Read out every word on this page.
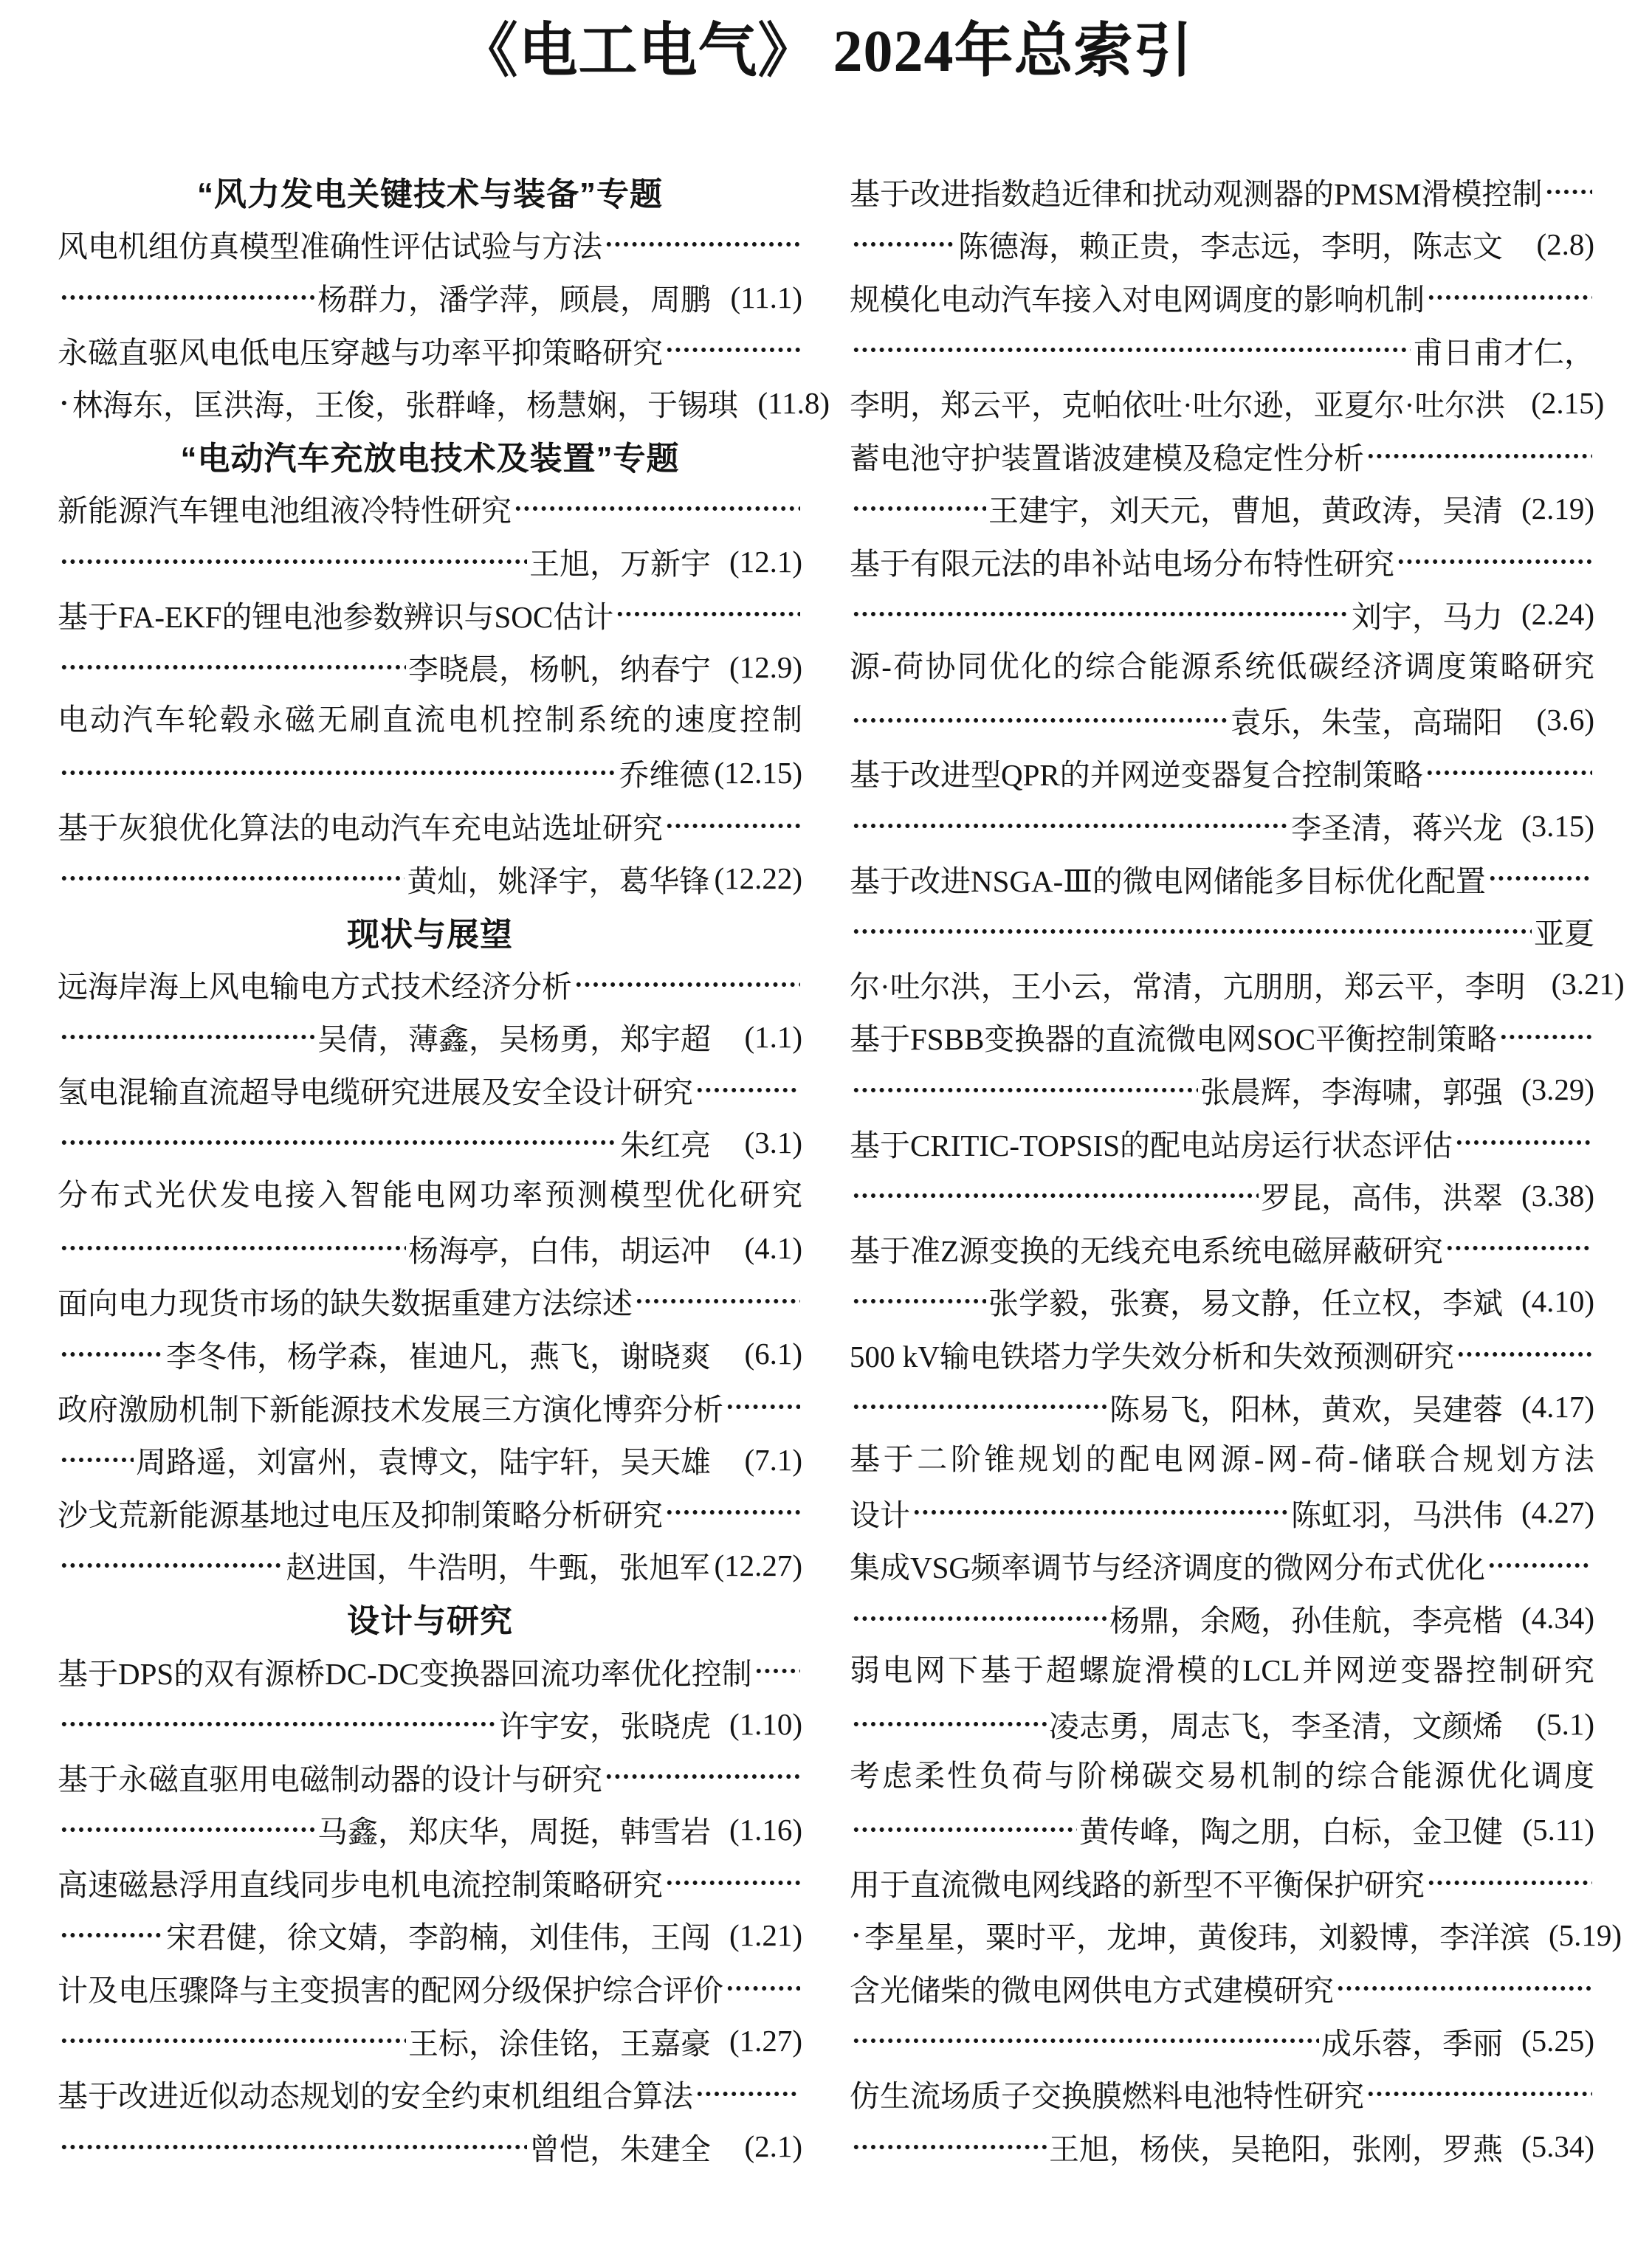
《电工电气》 2024年总索引
“风力发电关键技术与装备”专题
风电机组仿真模型准确性评估试验与方法
杨群力，潘学萍，顾晨，周鹏 (11.1)
永磁直驱风电低电压穿越与功率平抑策略研究
林海东，匡洪海，王俊，张群峰，杨慧娴，于锡琪 (11.8)
“电动汽车充放电技术及装置”专题
新能源汽车锂电池组液冷特性研究
王旭，万新宇 (12.1)
基于FA-EKF的锂电池参数辨识与SOC估计
李晓晨，杨帆，纳春宁 (12.9)
电动汽车轮毂永磁无刷直流电机控制系统的速度控制
乔维德 (12.15)
基于灰狼优化算法的电动汽车充电站选址研究
黄灿，姚泽宇，葛华锋 (12.22)
现状与展望
远海岸海上风电输电方式技术经济分析
吴倩，薄鑫，吴杨勇，郑宇超	(1.1)
氢电混输直流超导电缆研究进展及安全设计研究
朱红亮	(3.1)
分布式光伏发电接入智能电网功率预测模型优化研究
杨海亭，白伟，胡运冲	(4.1)
面向电力现货市场的缺失数据重建方法综述
李冬伟，杨学森，崔迪凡，燕飞，谢晓爽	(6.1)
政府激励机制下新能源技术发展三方演化博弈分析
周路遥，刘富州，袁博文，陆宇轩，吴天雄	(7.1)
沙戈荒新能源基地过电压及抑制策略分析研究
赵进国，牛浩明，牛甄，张旭军 (12.27)
设计与研究
基于DPS的双有源桥DC-DC变换器回流功率优化控制
许宇安，张晓虎 (1.10)
基于永磁直驱用电磁制动器的设计与研究
马鑫，郑庆华，周挺，韩雪岩 (1.16)
高速磁悬浮用直线同步电机电流控制策略研究
宋君健，徐文婧，李韵楠，刘佳伟，王闯 (1.21)
计及电压骤降与主变损害的配网分级保护综合评价
王标，涂佳铭，王嘉豪 (1.27)
基于改进近似动态规划的安全约束机组组合算法
曾恺，朱建全	(2.1)
基于改进指数趋近律和扰动观测器的PMSM滑模控制
陈德海，赖正贵，李志远，李明，陈志文	(2.8)
规模化电动汽车接入对电网调度的影响机制
甫日甫才仁，
李明，郑云平，克帕依吐·吐尔逊，亚夏尔·吐尔洪 (2.15)
蓄电池守护装置谐波建模及稳定性分析
王建宇，刘天元，曹旭，黄政涛，吴清 (2.19)
基于有限元法的串补站电场分布特性研究
刘宇，马力 (2.24)
源-荷协同优化的综合能源系统低碳经济调度策略研究
袁乐，朱莹，高瑞阳	(3.6)
基于改进型QPR的并网逆变器复合控制策略
李圣清，蒋兴龙 (3.15)
基于改进NSGA-Ⅲ的微电网储能多目标优化配置
亚夏
尔·吐尔洪，王小云，常清，亢朋朋，郑云平，李明 (3.21)
基于FSBB变换器的直流微电网SOC平衡控制策略
张晨辉，李海啸，郭强 (3.29)
基于CRITIC-TOPSIS的配电站房运行状态评估
罗昆，高伟，洪翠 (3.38)
基于准Z源变换的无线充电系统电磁屏蔽研究
张学毅，张赛，易文静，任立权，李斌 (4.10)
500 kV输电铁塔力学失效分析和失效预测研究
陈易飞，阳林，黄欢，吴建蓉 (4.17)
基于二阶锥规划的配电网源-网-荷-储联合规划方法
设计	陈虹羽，马洪伟 (4.27)
集成VSG频率调节与经济调度的微网分布式优化
杨鼎，余飏，孙佳航，李亮楷 (4.34)
弱电网下基于超螺旋滑模的LCL并网逆变器控制研究
凌志勇，周志飞，李圣清，文颜烯	(5.1)
考虑柔性负荷与阶梯碳交易机制的综合能源优化调度
黄传峰，陶之朋，白标，金卫健 (5.11)
用于直流微电网线路的新型不平衡保护研究
李星星，粟时平，龙坤，黄俊玮，刘毅博，李洋滨 (5.19)
含光储柴的微电网供电方式建模研究
成乐蓉，季丽 (5.25)
仿生流场质子交换膜燃料电池特性研究
王旭，杨侠，吴艳阳，张刚，罗燕 (5.34)
